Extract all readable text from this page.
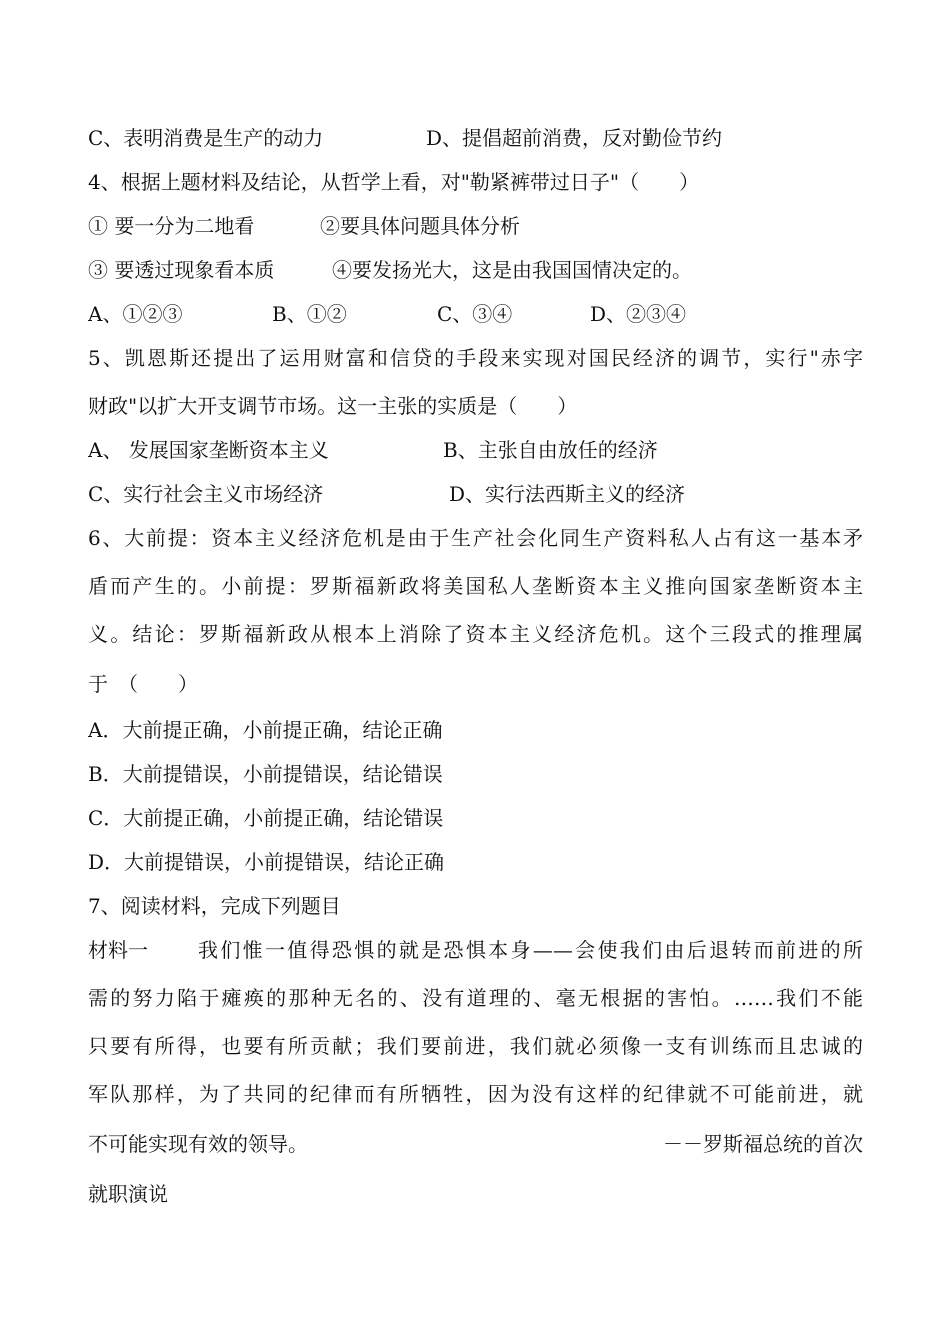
C、表明消费是生产的动力	D、提倡超前消费，反对勤俭节约
4、根据上题材料及结论，从哲学上看，对"勒紧裤带过日子"（　　）
① 要一分为二地看	②要具体问题具体分析
③ 要透过现象看本质	④要发扬光大，这是由我国国情决定的。
A、①②③	B、①②	C、③④	D、②③④
5、凯恩斯还提出了运用财富和信贷的手段来实现对国民经济的调节，实行"赤字
财政"以扩大开支调节市场。这一主张的实质是（　　）
A、 发展国家垄断资本主义	B、主张自由放任的经济
C、实行社会主义市场经济	D、实行法西斯主义的经济
6、大前提：资本主义经济危机是由于生产社会化同生产资料私人占有这一基本矛
盾而产生的。小前提：罗斯福新政将美国私人垄断资本主义推向国家垄断资本主
义。结论：罗斯福新政从根本上消除了资本主义经济危机。这个三段式的推理属
于　（　　）
A．大前提正确，小前提正确，结论正确
B．大前提错误，小前提错误，结论错误
C．大前提正确，小前提正确，结论错误
D．大前提错误，小前提错误，结论正确
7、阅读材料，完成下列题目
材料一	我们惟一值得恐惧的就是恐惧本身——会使我们由后退转而前进的所
需的努力陷于瘫痪的那种无名的、没有道理的、毫无根据的害怕。……我们不能
只要有所得，也要有所贡献；我们要前进，我们就必须像一支有训练而且忠诚的
军队那样，为了共同的纪律而有所牺牲，因为没有这样的纪律就不可能前进，就
不可能实现有效的领导。	－－罗斯福总统的首次
就职演说
